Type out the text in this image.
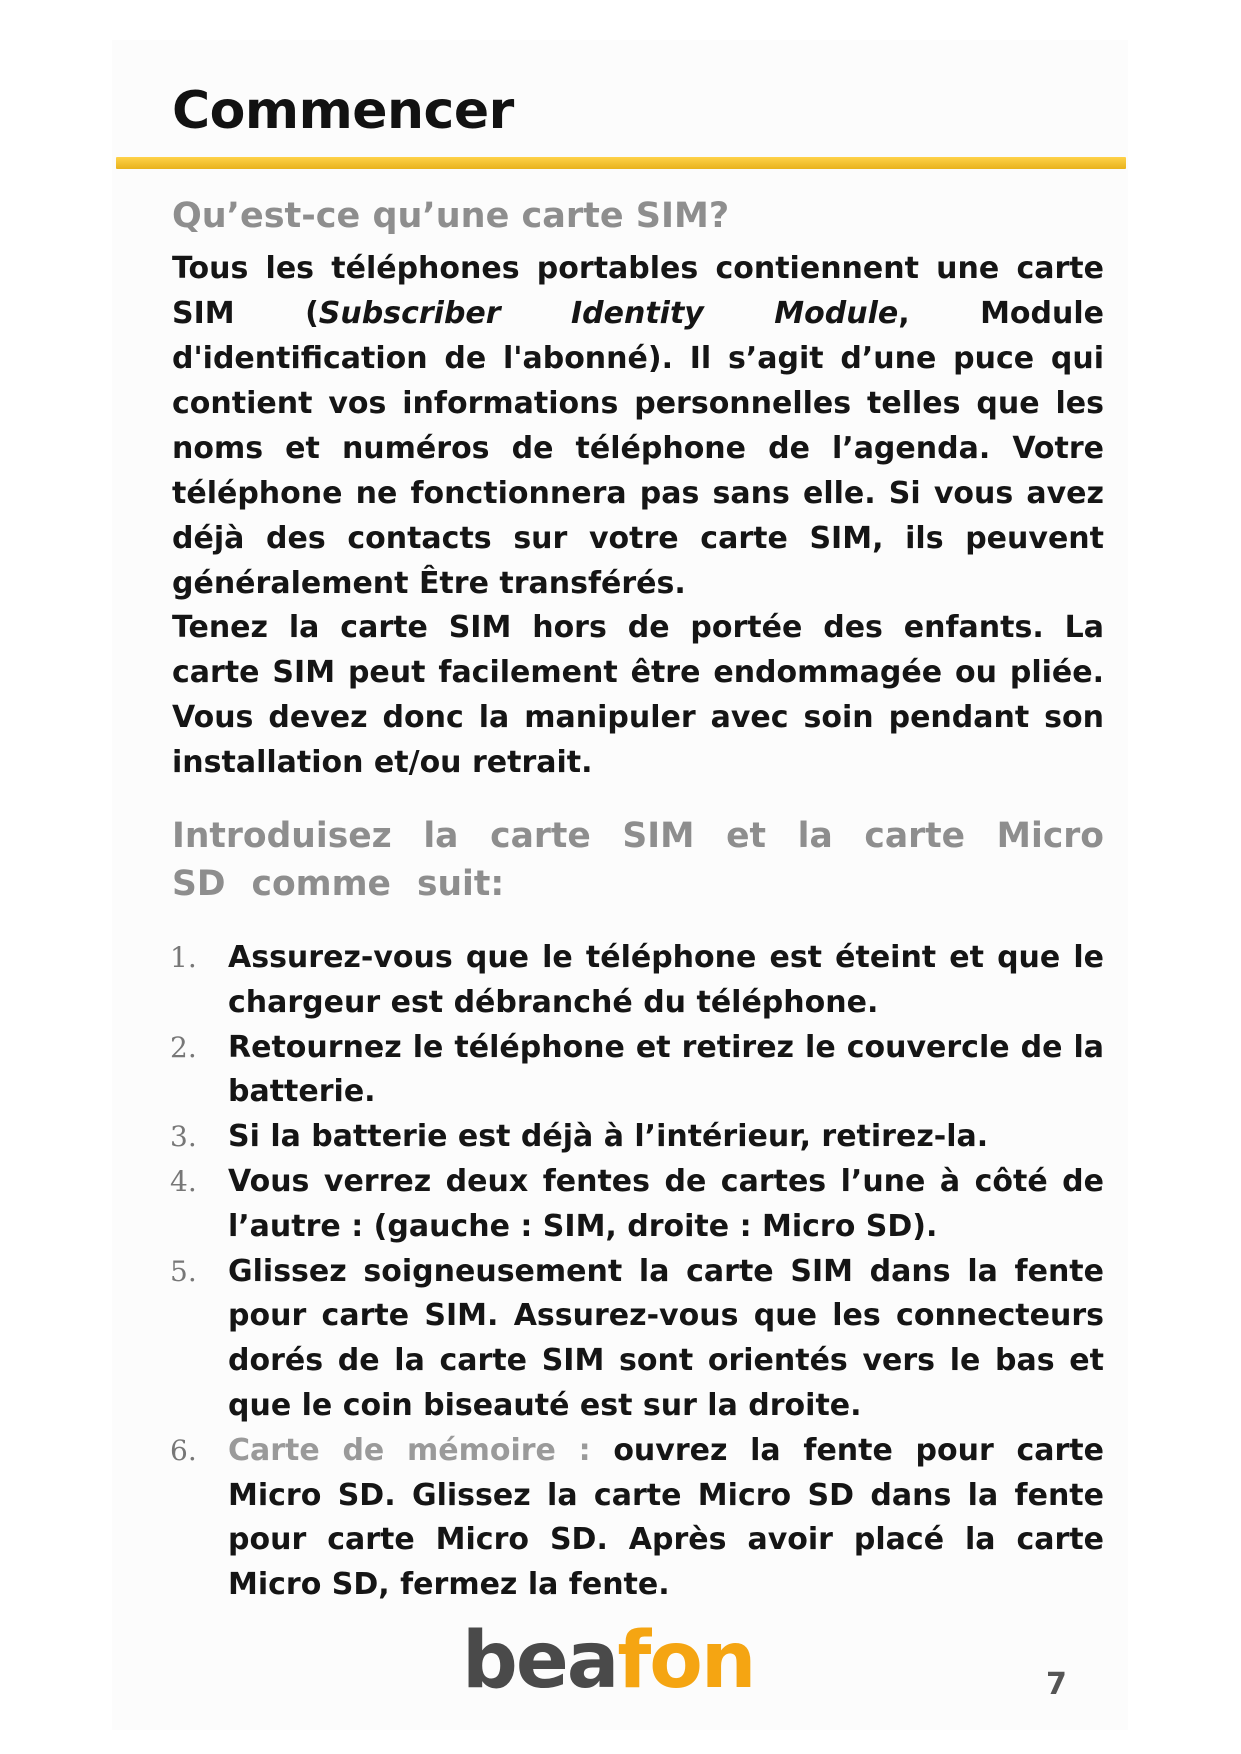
Commencer
Qu’est-ce qu’une carte SIM?

Tous les téléphones portables contiennent une carte SIM (Subscriber Identity Module, Module d'identification de l'abonné). Il s’agit d’une puce qui contient vos informations personnelles telles que les noms et numéros de téléphone de l’agenda. Votre téléphone ne fonctionnera pas sans elle. Si vous avez déjà des contacts sur votre carte SIM, ils peuvent généralement Être transférés.

Tenez la carte SIM hors de portée des enfants. La carte SIM peut facilement être endommagée ou pliée. Vous devez donc la manipuler avec soin pendant son installation et/ou retrait.

Introduisez la carte SIM et la carte Micro SD comme suit:
1. Assurez-vous que le téléphone est éteint et que le chargeur est débranché du téléphone.
2. Retournez le téléphone et retirez le couvercle de la batterie.
3. Si la batterie est déjà à l’intérieur, retirez-la.
4. Vous verrez deux fentes de cartes l’une à côté de l’autre : (gauche : SIM, droite : Micro SD).
5. Glissez soigneusement la carte SIM dans la fente pour carte SIM. Assurez-vous que les connecteurs dorés de la carte SIM sont orientés vers le bas et que le coin biseauté est sur la droite.
6. Carte de mémoire : ouvrez la fente pour carte Micro SD. Glissez la carte Micro SD dans la fente pour carte Micro SD. Après avoir placé la carte Micro SD, fermez la fente.
beafon	7
